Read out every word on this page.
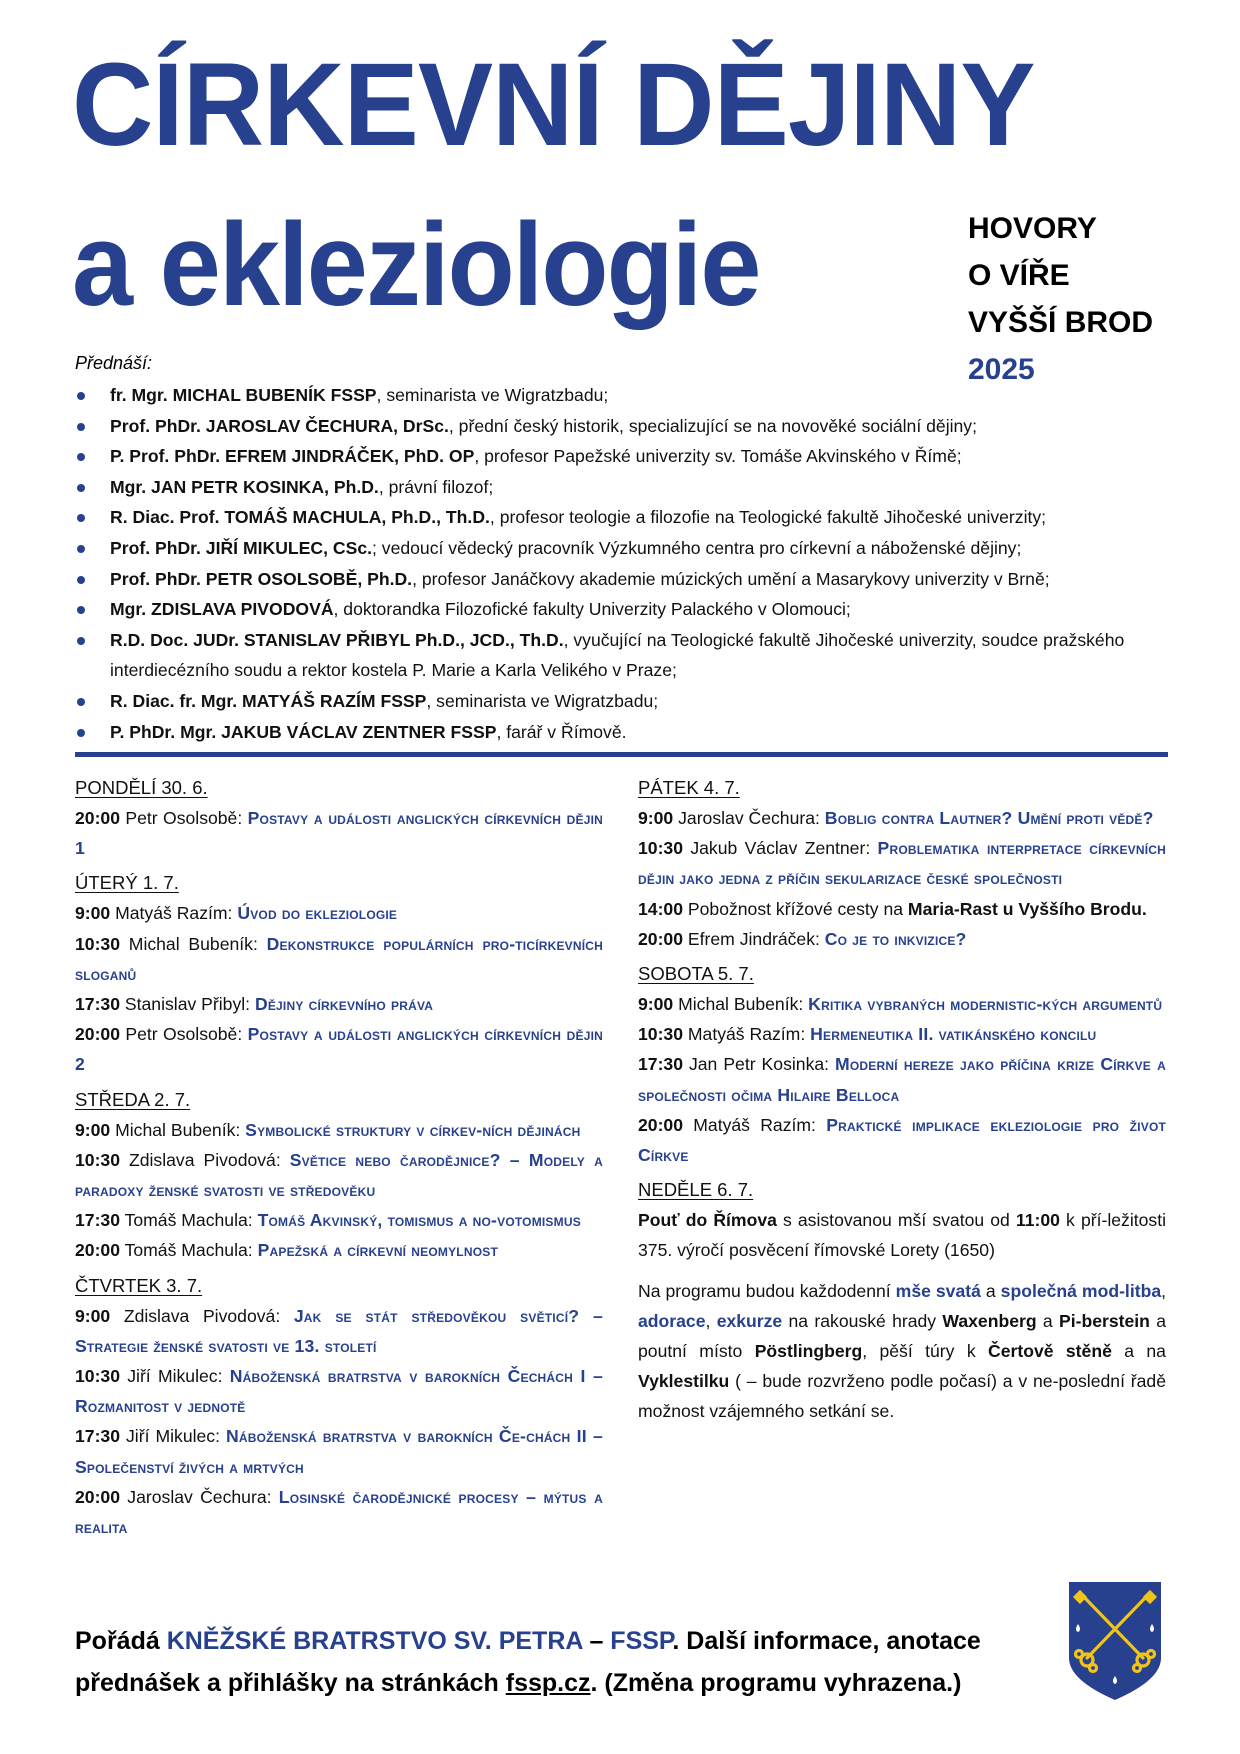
CÍRKEVNÍ DĚJINY
a ekleziologie	HOVORY
O VÍŘE
VYŠŠÍ BROD
2025
Přednáší:
fr. Mgr. MICHAL BUBENÍK FSSP, seminarista ve Wigratzbadu;
Prof. PhDr. JAROSLAV ČECHURA, DrSc., přední český historik, specializující se na novověké sociální dějiny;
P. Prof. PhDr. EFREM JINDRÁČEK, PhD. OP, profesor Papežské univerzity sv. Tomáše Akvinského v Římě;
Mgr. JAN PETR KOSINKA, Ph.D., právní filozof;
R. Diac. Prof. TOMÁŠ MACHULA, Ph.D., Th.D., profesor teologie a filozofie na Teologické fakultě Jihočeské univerzity;
Prof. PhDr. JIŘÍ MIKULEC, CSc.; vedoucí vědecký pracovník Výzkumného centra pro církevní a náboženské dějiny;
Prof. PhDr. PETR OSOLSOBĚ, Ph.D., profesor Janáčkovy akademie múzických umění a Masarykovy univerzity v Brně;
Mgr. ZDISLAVA PIVODOVÁ, doktorandka Filozofické fakulty Univerzity Palackého v Olomouci;
R.D. Doc. JUDr. STANISLAV PŘIBYL Ph.D., JCD., Th.D., vyučující na Teologické fakultě Jihočeské univerzity, soudce pražského interdiecézního soudu a rektor kostela P. Marie a Karla Velikého v Praze;
R. Diac. fr. Mgr. MATYÁŠ RAZÍM FSSP, seminarista ve Wigratzbadu;
P. PhDr. Mgr. JAKUB VÁCLAV ZENTNER FSSP, farář v Římově.
PONDĚLÍ 30. 6.
20:00 Petr Osolsobě: Postavy a události anglických církevních dějin 1
ÚTERÝ 1. 7.
9:00 Matyáš Razím: Úvod do ekleziologie
10:30 Michal Bubeník: Dekonstrukce populárních pro-ticírkevních sloganů
17:30 Stanislav Přibyl: Dějiny církevního práva
20:00 Petr Osolsobě: Postavy a události anglických církevních dějin 2
STŘEDA 2. 7.
9:00 Michal Bubeník: Symbolické struktury v církev-ních dějinách
10:30 Zdislava Pivodová: Světice nebo čarodějnice? – Modely a paradoxy ženské svatosti ve středověku
17:30 Tomáš Machula: Tomáš Akvinský, tomismus a no-votomismus
20:00 Tomáš Machula: Papežská a církevní neomylnost
ČTVRTEK 3. 7.
9:00 Zdislava Pivodová: Jak se stát středověkou světicí? – Strategie ženské svatosti ve 13. století
10:30 Jiří Mikulec: Náboženská bratrstva v barokních Čechách I – Rozmanitost v jednotě
17:30 Jiří Mikulec: Náboženská bratrstva v barokních Če-chách II – Společenství živých a mrtvých
20:00 Jaroslav Čechura: Losinské čarodějnické procesy – mýtus a realita
PÁTEK 4. 7.
9:00 Jaroslav Čechura: Boblig contra Lautner? Umění proti vědě?
10:30 Jakub Václav Zentner: Problematika interpretace církevních dějin jako jedna z příčin sekularizace české společnosti
14:00 Pobožnost křížové cesty na Maria-Rast u Vyššího Brodu.
20:00 Efrem Jindráček: Co je to inkvizice?
SOBOTA 5. 7.
9:00 Michal Bubeník: Kritika vybraných modernistic-kých argumentů
10:30 Matyáš Razím: Hermeneutika II. vatikánského koncilu
17:30 Jan Petr Kosinka: Moderní hereze jako příčina krize Církve a společnosti očima Hilaire Belloca
20:00 Matyáš Razím: Praktické implikace ekleziologie pro život Církve
NEDĚLE 6. 7.
Pouť do Římova s asistovanou mší svatou od 11:00 k pří-ležitosti 375. výročí posvěcení římovské Lorety (1650)
Na programu budou každodenní mše svatá a společná mod-litba, adorace, exkurze na rakouské hrady Waxenberg a Pi-berstein a poutní místo Pöstlingberg, pěší túry k Čertově stěně a na Vyklestilku ( – bude rozvrženo podle počasí) a v ne-poslední řadě možnost vzájemného setkání se.
Pořádá KNĚŽSKÉ BRATRSTVO SV. PETRA – FSSP. Další informace, anotace přednášek a přihlášky na stránkách fssp.cz. (Změna programu vyhrazena.)
